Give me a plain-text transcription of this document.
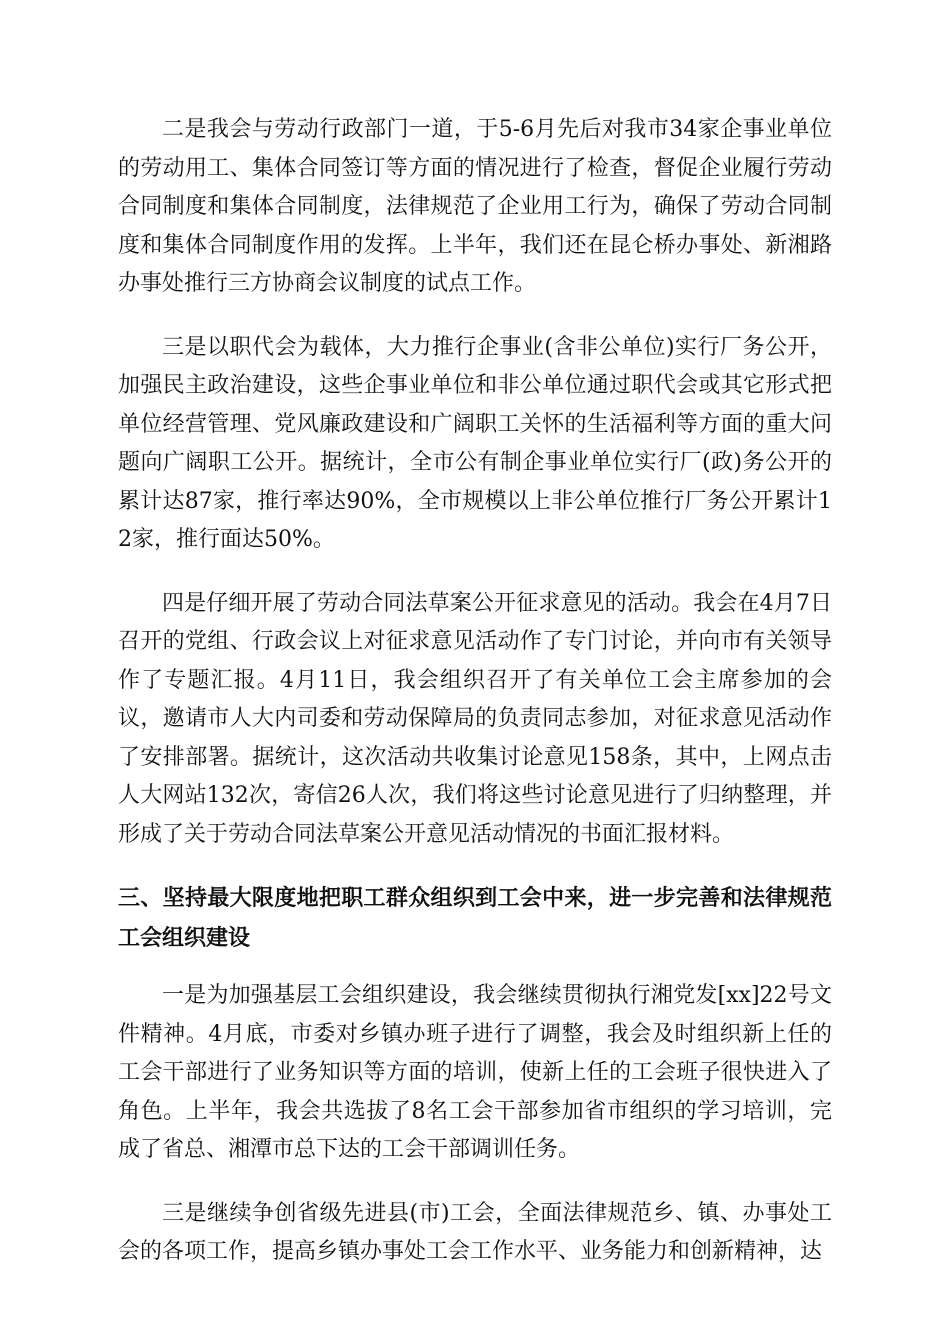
二是我会与劳动行政部门一道，于5-6月先后对我市34家企事业单位的劳动用工、集体合同签订等方面的情况进行了检查，督促企业履行劳动合同制度和集体合同制度，法律规范了企业用工行为，确保了劳动合同制度和集体合同制度作用的发挥。上半年，我们还在昆仑桥办事处、新湘路办事处推行三方协商会议制度的试点工作。

三是以职代会为载体，大力推行企事业(含非公单位)实行厂务公开，加强民主政治建设，这些企事业单位和非公单位通过职代会或其它形式把单位经营管理、党风廉政建设和广阔职工关怀的生活福利等方面的重大问题向广阔职工公开。据统计，全市公有制企事业单位实行厂(政)务公开的累计达87家，推行率达90%，全市规模以上非公单位推行厂务公开累计12家，推行面达50%。

四是仔细开展了劳动合同法草案公开征求意见的活动。我会在4月7日召开的党组、行政会议上对征求意见活动作了专门讨论，并向市有关领导作了专题汇报。4月11日，我会组织召开了有关单位工会主席参加的会议，邀请市人大内司委和劳动保障局的负责同志参加，对征求意见活动作了安排部署。据统计，这次活动共收集讨论意见158条，其中，上网点击人大网站132次，寄信26人次，我们将这些讨论意见进行了归纳整理，并形成了关于劳动合同法草案公开意见活动情况的书面汇报材料。

三、坚持最大限度地把职工群众组织到工会中来，进一步完善和法律规范工会组织建设

一是为加强基层工会组织建设，我会继续贯彻执行湘党发[xx]22号文件精神。4月底，市委对乡镇办班子进行了调整，我会及时组织新上任的工会干部进行了业务知识等方面的培训，使新上任的工会班子很快进入了角色。上半年，我会共选拔了8名工会干部参加省市组织的学习培训，完成了省总、湘潭市总下达的工会干部调训任务。

三是继续争创省级先进县(市)工会，全面法律规范乡、镇、办事处工会的各项工作，提高乡镇办事处工会工作水平、业务能力和创新精神，达
